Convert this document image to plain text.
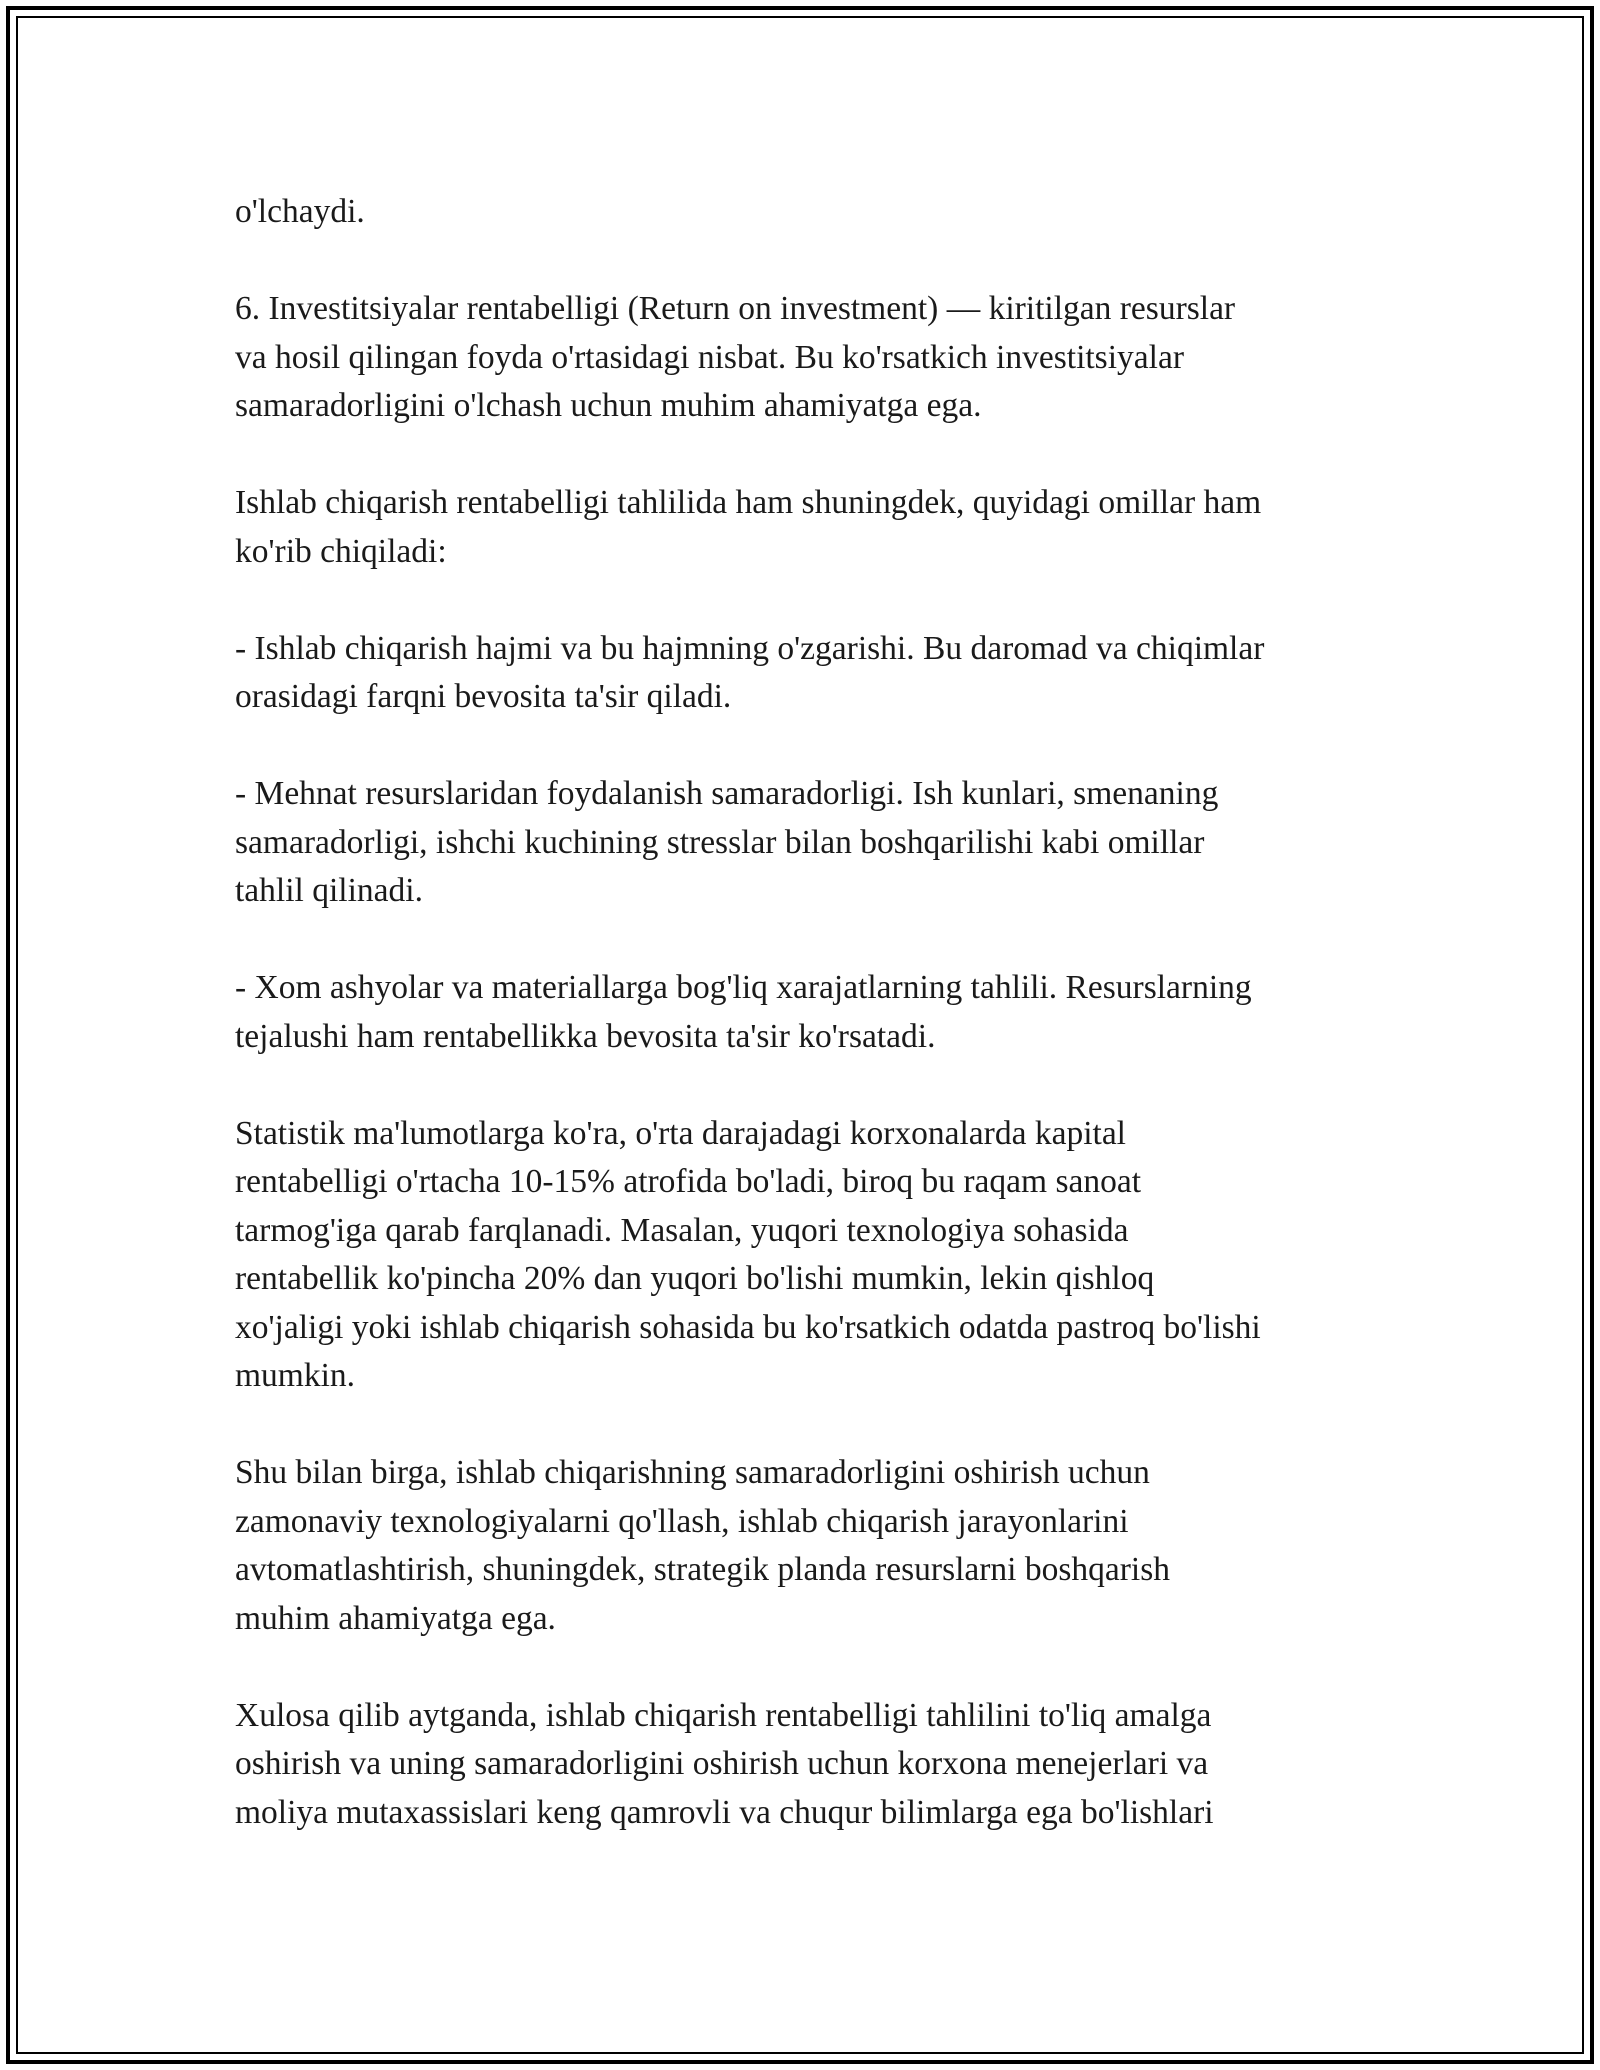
o'lchaydi.

6. Investitsiyalar rentabelligi (Return on investment) — kiritilgan resurslar
va hosil qilingan foyda o'rtasidagi nisbat. Bu ko'rsatkich investitsiyalar
samaradorligini o'lchash uchun muhim ahamiyatga ega.

Ishlab chiqarish rentabelligi tahlilida ham shuningdek, quyidagi omillar ham
ko'rib chiqiladi:

- Ishlab chiqarish hajmi va bu hajmning o'zgarishi. Bu daromad va chiqimlar
orasidagi farqni bevosita ta'sir qiladi.

- Mehnat resurslaridan foydalanish samaradorligi. Ish kunlari, smenaning
samaradorligi, ishchi kuchining stresslar bilan boshqarilishi kabi omillar
tahlil qilinadi.

- Xom ashyolar va materiallarga bog'liq xarajatlarning tahlili. Resurslarning
tejalushi ham rentabellikka bevosita ta'sir ko'rsatadi.

Statistik ma'lumotlarga ko'ra, o'rta darajadagi korxonalarda kapital
rentabelligi o'rtacha 10-15% atrofida bo'ladi, biroq bu raqam sanoat
tarmog'iga qarab farqlanadi. Masalan, yuqori texnologiya sohasida
rentabellik ko'pincha 20% dan yuqori bo'lishi mumkin, lekin qishloq
xo'jaligi yoki ishlab chiqarish sohasida bu ko'rsatkich odatda pastroq bo'lishi
mumkin.

Shu bilan birga, ishlab chiqarishning samaradorligini oshirish uchun
zamonaviy texnologiyalarni qo'llash, ishlab chiqarish jarayonlarini
avtomatlashtirish, shuningdek, strategik planda resurslarni boshqarish
muhim ahamiyatga ega.

Xulosa qilib aytganda, ishlab chiqarish rentabelligi tahlilini to'liq amalga
oshirish va uning samaradorligini oshirish uchun korxona menejerlari va
moliya mutaxassislari keng qamrovli va chuqur bilimlarga ega bo'lishlari
